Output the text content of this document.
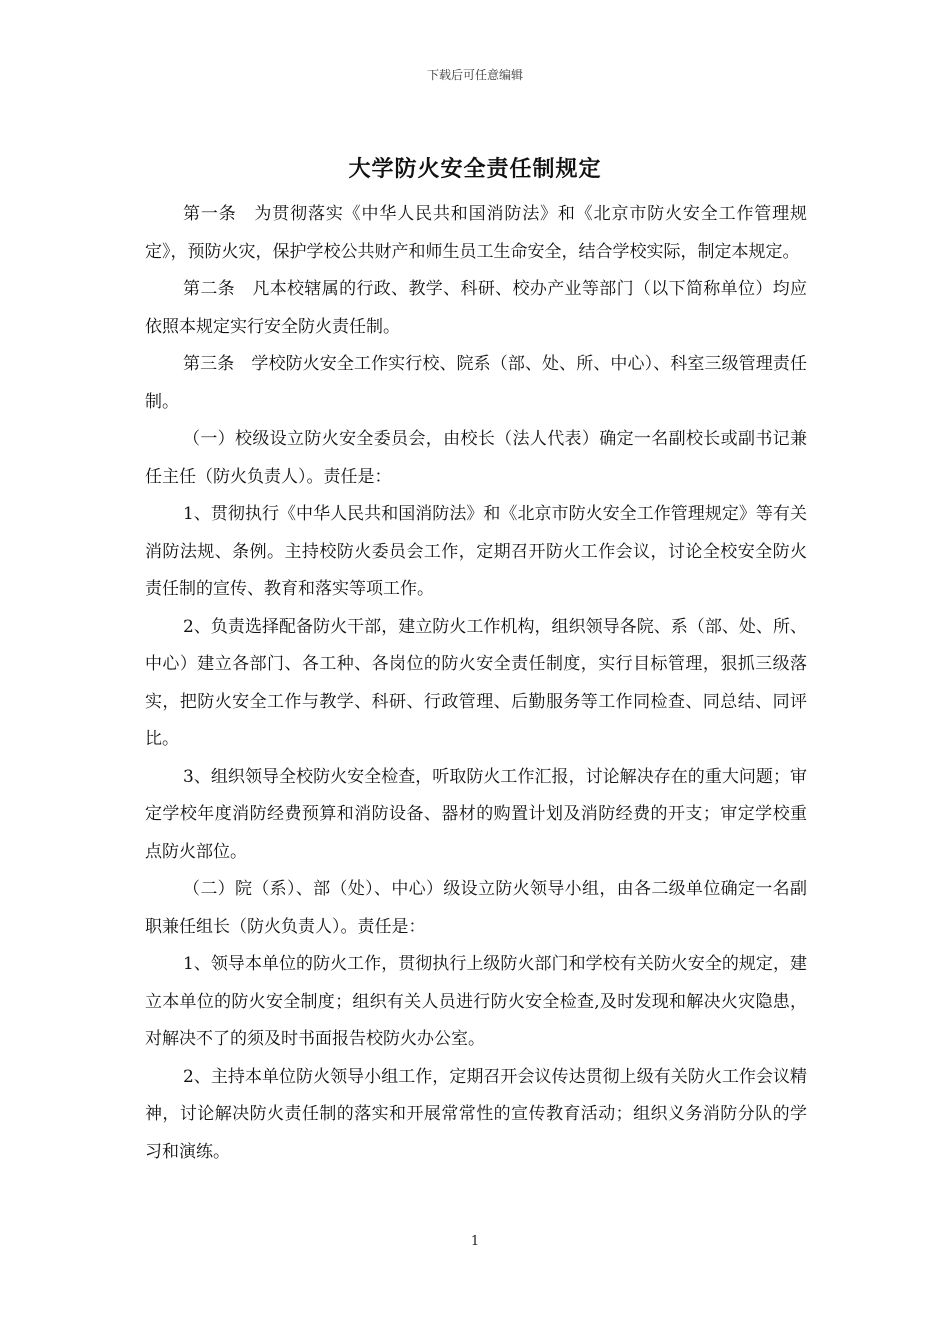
下载后可任意编辑
大学防火安全责任制规定

第一条　为贯彻落实《中华人民共和国消防法》和《北京市防火安全工作管理规定》，预防火灾，保护学校公共财产和师生员工生命安全，结合学校实际，制定本规定。

第二条　凡本校辖属的行政、教学、科研、校办产业等部门（以下简称单位）均应依照本规定实行安全防火责任制。

第三条　学校防火安全工作实行校、院系（部、处、所、中心）、科室三级管理责任制。

（一）校级设立防火安全委员会，由校长（法人代表）确定一名副校长或副书记兼任主任（防火负责人）。责任是：

1、贯彻执行《中华人民共和国消防法》和《北京市防火安全工作管理规定》等有关消防法规、条例。主持校防火委员会工作，定期召开防火工作会议，讨论全校安全防火责任制的宣传、教育和落实等项工作。

2、负责选择配备防火干部，建立防火工作机构，组织领导各院、系（部、处、所、中心）建立各部门、各工种、各岗位的防火安全责任制度，实行目标管理，狠抓三级落实，把防火安全工作与教学、科研、行政管理、后勤服务等工作同检查、同总结、同评比。

3、组织领导全校防火安全检查，听取防火工作汇报，讨论解决存在的重大问题；审定学校年度消防经费预算和消防设备、器材的购置计划及消防经费的开支；审定学校重点防火部位。

（二）院（系）、部（处）、中心）级设立防火领导小组，由各二级单位确定一名副职兼任组长（防火负责人）。责任是：

1、领导本单位的防火工作，贯彻执行上级防火部门和学校有关防火安全的规定，建立本单位的防火安全制度；组织有关人员进行防火安全检查,及时发现和解决火灾隐患，对解决不了的须及时书面报告校防火办公室。

2、主持本单位防火领导小组工作，定期召开会议传达贯彻上级有关防火工作会议精神，讨论解决防火责任制的落实和开展常常性的宣传教育活动；组织义务消防分队的学习和演练。

1
